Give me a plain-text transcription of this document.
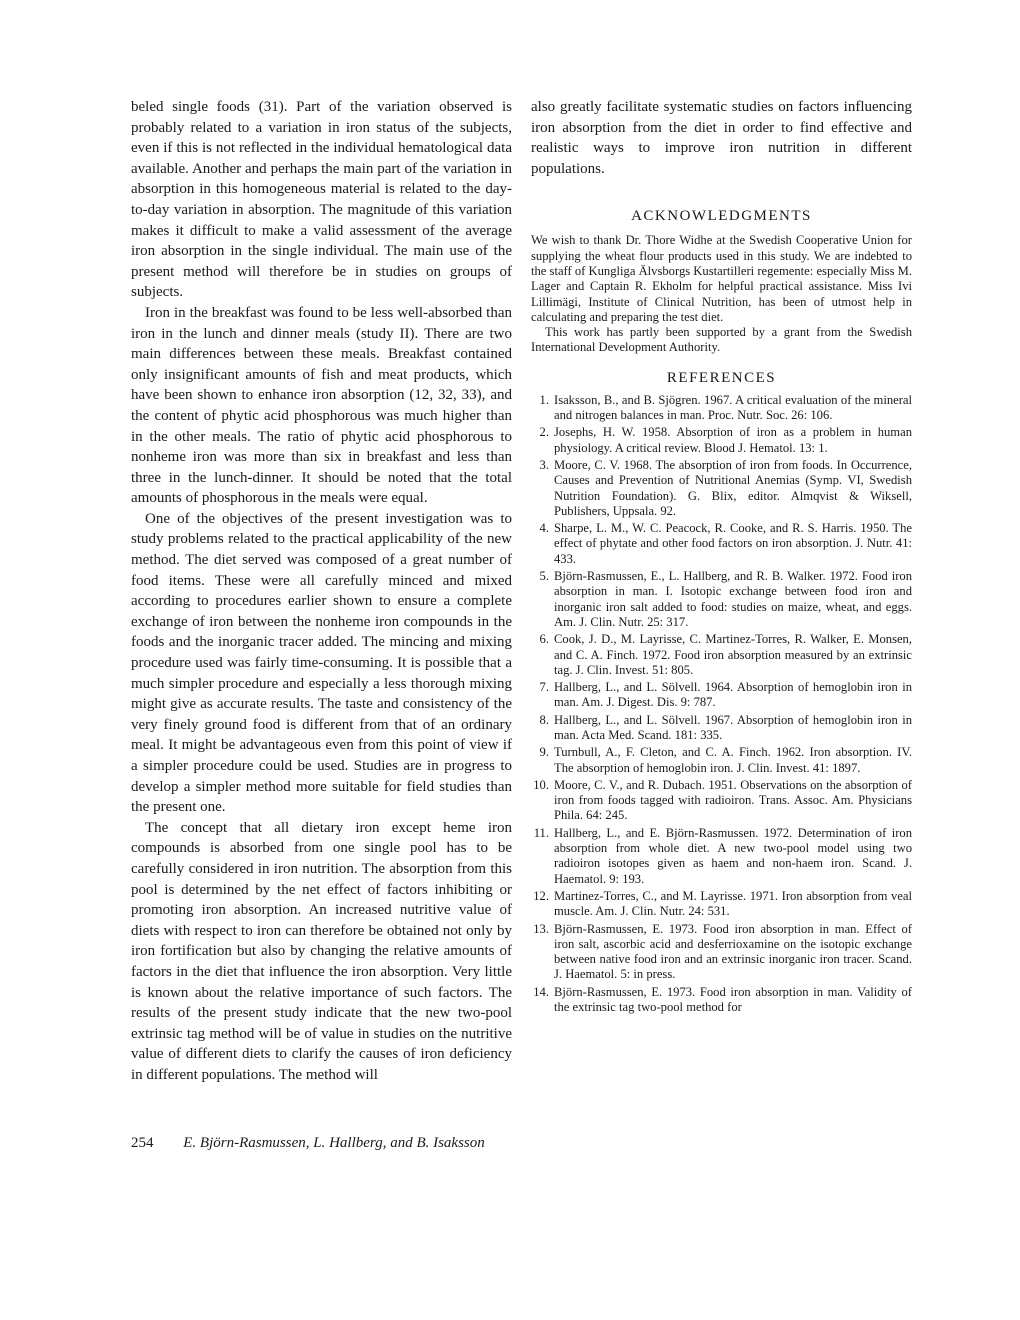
beled single foods (31). Part of the variation observed is probably related to a variation in iron status of the subjects, even if this is not reflected in the individual hematological data available. Another and perhaps the main part of the variation in absorption in this homogeneous material is related to the day-to-day variation in absorption. The magnitude of this variation makes it difficult to make a valid assessment of the average iron absorption in the single individual. The main use of the present method will therefore be in studies on groups of subjects.

Iron in the breakfast was found to be less well-absorbed than iron in the lunch and dinner meals (study II). There are two main differences between these meals. Breakfast contained only insignificant amounts of fish and meat products, which have been shown to enhance iron absorption (12, 32, 33), and the content of phytic acid phosphorous was much higher than in the other meals. The ratio of phytic acid phosphorous to nonheme iron was more than six in breakfast and less than three in the lunch-dinner. It should be noted that the total amounts of phosphorous in the meals were equal.

One of the objectives of the present investigation was to study problems related to the practical applicability of the new method. The diet served was composed of a great number of food items. These were all carefully minced and mixed according to procedures earlier shown to ensure a complete exchange of iron between the nonheme iron compounds in the foods and the inorganic tracer added. The mincing and mixing procedure used was fairly time-consuming. It is possible that a much simpler procedure and especially a less thorough mixing might give as accurate results. The taste and consistency of the very finely ground food is different from that of an ordinary meal. It might be advantageous even from this point of view if a simpler procedure could be used. Studies are in progress to develop a simpler method more suitable for field studies than the present one.

The concept that all dietary iron except heme iron compounds is absorbed from one single pool has to be carefully considered in iron nutrition. The absorption from this pool is determined by the net effect of factors inhibiting or promoting iron absorption. An increased nutritive value of diets with respect to iron can therefore be obtained not only by iron fortification but also by changing the relative amounts of factors in the diet that influence the iron absorption. Very little is known about the relative importance of such factors. The results of the present study indicate that the new two-pool extrinsic tag method will be of value in studies on the nutritive value of different diets to clarify the causes of iron deficiency in different populations. The method will

also greatly facilitate systematic studies on factors influencing iron absorption from the diet in order to find effective and realistic ways to improve iron nutrition in different populations.

ACKNOWLEDGMENTS

We wish to thank Dr. Thore Widhe at the Swedish Cooperative Union for supplying the wheat flour products used in this study. We are indebted to the staff of Kungliga Älvsborgs Kustartilleri regemente: especially Miss M. Lager and Captain R. Ekholm for helpful practical assistance. Miss Ivi Lillimägi, Institute of Clinical Nutrition, has been of utmost help in calculating and preparing the test diet.

This work has partly been supported by a grant from the Swedish International Development Authority.

REFERENCES
1. Isaksson, B., and B. Sjögren. 1967. A critical evaluation of the mineral and nitrogen balances in man. Proc. Nutr. Soc. 26: 106.
2. Josephs, H. W. 1958. Absorption of iron as a problem in human physiology. A critical review. Blood J. Hematol. 13: 1.
3. Moore, C. V. 1968. The absorption of iron from foods. In Occurrence, Causes and Prevention of Nutritional Anemias (Symp. VI, Swedish Nutrition Foundation). G. Blix, editor. Almqvist & Wiksell, Publishers, Uppsala. 92.
4. Sharpe, L. M., W. C. Peacock, R. Cooke, and R. S. Harris. 1950. The effect of phytate and other food factors on iron absorption. J. Nutr. 41: 433.
5. Björn-Rasmussen, E., L. Hallberg, and R. B. Walker. 1972. Food iron absorption in man. I. Isotopic exchange between food iron and inorganic iron salt added to food: studies on maize, wheat, and eggs. Am. J. Clin. Nutr. 25: 317.
6. Cook, J. D., M. Layrisse, C. Martinez-Torres, R. Walker, E. Monsen, and C. A. Finch. 1972. Food iron absorption measured by an extrinsic tag. J. Clin. Invest. 51: 805.
7. Hallberg, L., and L. Sölvell. 1964. Absorption of hemoglobin iron in man. Am. J. Digest. Dis. 9: 787.
8. Hallberg, L., and L. Sölvell. 1967. Absorption of hemoglobin iron in man. Acta Med. Scand. 181: 335.
9. Turnbull, A., F. Cleton, and C. A. Finch. 1962. Iron absorption. IV. The absorption of hemoglobin iron. J. Clin. Invest. 41: 1897.
10. Moore, C. V., and R. Dubach. 1951. Observations on the absorption of iron from foods tagged with radioiron. Trans. Assoc. Am. Physicians Phila. 64: 245.
11. Hallberg, L., and E. Björn-Rasmussen. 1972. Determination of iron absorption from whole diet. A new two-pool model using two radioiron isotopes given as haem and non-haem iron. Scand. J. Haematol. 9: 193.
12. Martinez-Torres, C., and M. Layrisse. 1971. Iron absorption from veal muscle. Am. J. Clin. Nutr. 24: 531.
13. Björn-Rasmussen, E. 1973. Food iron absorption in man. Effect of iron salt, ascorbic acid and desferrioxamine on the isotopic exchange between native food iron and an extrinsic inorganic iron tracer. Scand. J. Haematol. 5: in press.
14. Björn-Rasmussen, E. 1973. Food iron absorption in man. Validity of the extrinsic tag two-pool method for
254 E. Björn-Rasmussen, L. Hallberg, and B. Isaksson
